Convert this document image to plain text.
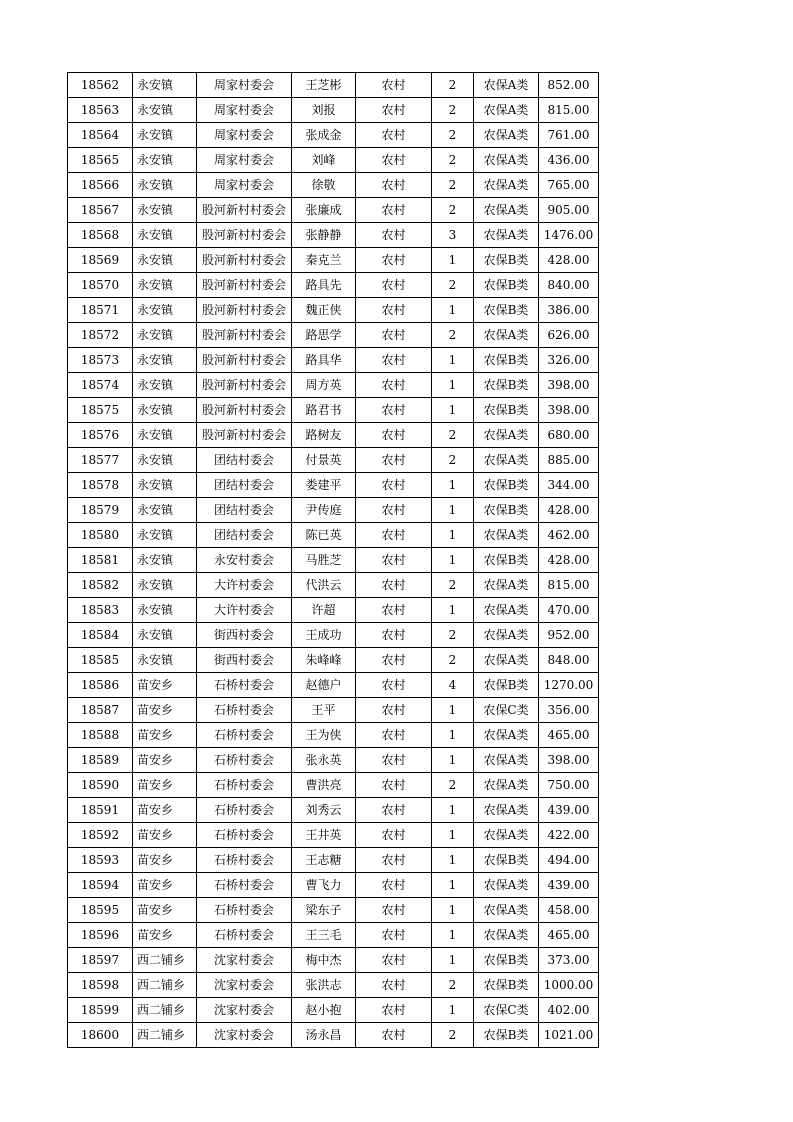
18562	永安镇	周家村委会	王芝彬	农村	2	农保A类	852.00
18563	永安镇	周家村委会	刘报	农村	2	农保A类	815.00
18564	永安镇	周家村委会	张成金	农村	2	农保A类	761.00
18565	永安镇	周家村委会	刘峰	农村	2	农保A类	436.00
18566	永安镇	周家村委会	徐敬	农村	2	农保A类	765.00
18567	永安镇	股河新村村委会	张廉成	农村	2	农保A类	905.00
18568	永安镇	股河新村村委会	张静静	农村	3	农保A类	1476.00
18569	永安镇	股河新村村委会	秦克兰	农村	1	农保B类	428.00
18570	永安镇	股河新村村委会	路具先	农村	2	农保B类	840.00
18571	永安镇	股河新村村委会	魏正侠	农村	1	农保B类	386.00
18572	永安镇	股河新村村委会	路思学	农村	2	农保A类	626.00
18573	永安镇	股河新村村委会	路具华	农村	1	农保B类	326.00
18574	永安镇	股河新村村委会	周方英	农村	1	农保B类	398.00
18575	永安镇	股河新村村委会	路君书	农村	1	农保B类	398.00
18576	永安镇	股河新村村委会	路树友	农村	2	农保A类	680.00
18577	永安镇	团结村委会	付景英	农村	2	农保A类	885.00
18578	永安镇	团结村委会	娄建平	农村	1	农保B类	344.00
18579	永安镇	团结村委会	尹传庭	农村	1	农保B类	428.00
18580	永安镇	团结村委会	陈已英	农村	1	农保A类	462.00
18581	永安镇	永安村委会	马胜芝	农村	1	农保B类	428.00
18582	永安镇	大许村委会	代洪云	农村	2	农保A类	815.00
18583	永安镇	大许村委会	许超	农村	1	农保A类	470.00
18584	永安镇	街西村委会	王成功	农村	2	农保A类	952.00
18585	永安镇	街西村委会	朱峰峰	农村	2	农保A类	848.00
18586	苗安乡	石桥村委会	赵德户	农村	4	农保B类	1270.00
18587	苗安乡	石桥村委会	王平	农村	1	农保C类	356.00
18588	苗安乡	石桥村委会	王为侠	农村	1	农保A类	465.00
18589	苗安乡	石桥村委会	张永英	农村	1	农保A类	398.00
18590	苗安乡	石桥村委会	曹洪亮	农村	2	农保A类	750.00
18591	苗安乡	石桥村委会	刘秀云	农村	1	农保A类	439.00
18592	苗安乡	石桥村委会	王井英	农村	1	农保A类	422.00
18593	苗安乡	石桥村委会	王志糖	农村	1	农保B类	494.00
18594	苗安乡	石桥村委会	曹飞力	农村	1	农保A类	439.00
18595	苗安乡	石桥村委会	梁东子	农村	1	农保A类	458.00
18596	苗安乡	石桥村委会	王三毛	农村	1	农保A类	465.00
18597	西二铺乡	沈家村委会	梅中杰	农村	1	农保B类	373.00
18598	西二铺乡	沈家村委会	张洪志	农村	2	农保B类	1000.00
18599	西二铺乡	沈家村委会	赵小抱	农村	1	农保C类	402.00
18600	西二铺乡	沈家村委会	汤永昌	农村	2	农保B类	1021.00
